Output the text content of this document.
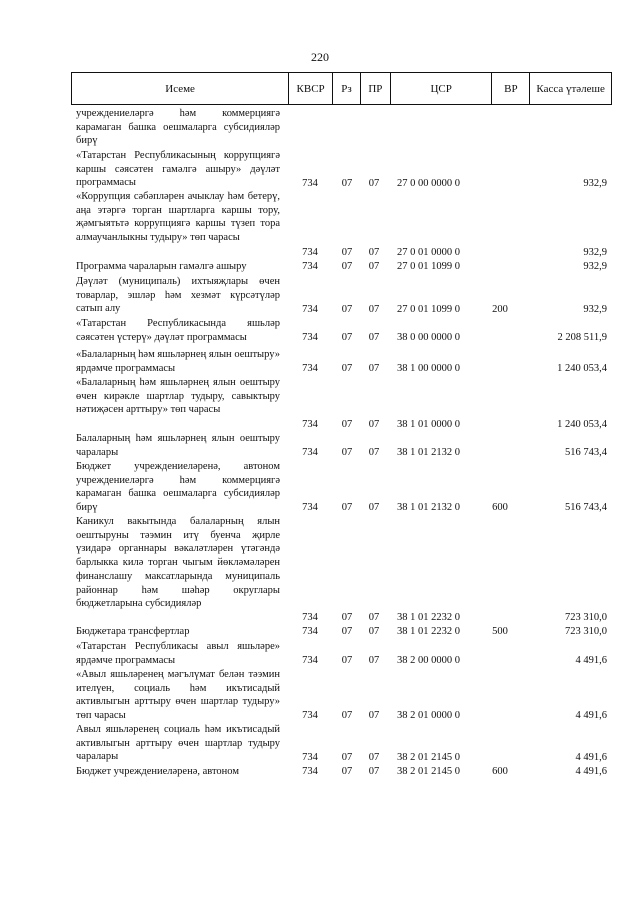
220
Исеме	КВСР	Рз	ПР	ЦСР	ВР	Касса үтәлеше
учреждениеләргә һәм коммерциягә карамаган башка оешмаларга субсидияләр бирү
«Татарстан Республикасының коррупциягә каршы сәясәтен гамәлгә ашыру» дәүләт программасы	734	07	07	27 0 00 0000 0	932,9
«Коррупция сәбәпләрен ачыклау һәм бетерү, аңа этәргә торган шартларга каршы тору, җәмгыятьтә коррупциягә каршы түзеп тора алмаучанлыкны тудыру» төп чарасы
734	07	07	27 0 01 0000 0	932,9
Программа чараларын гамәлгә ашыру	734	07	07	27 0 01 1099 0	932,9
Дәүләт (муниципаль) ихтыяҗлары өчен товарлар, эшләр һәм хезмәт күрсәтүләр сатып алу	734	07	07	27 0 01 1099 0	200	932,9
«Татарстан Республикасында яшьләр сәясәтен үстерү» дәүләт программасы	734	07	07	38 0 00 0000 0	2 208 511,9
«Балаларның һәм яшьләрнең ялын оештыру» ярдәмче программасы	734	07	07	38 1 00 0000 0	1 240 053,4
«Балаларның һәм яшьләрнең ялын оештыру өчен кирәкле шартлар тудыру, савыктыру нәтиҗәсен арттыру» төп чарасы
734	07	07	38 1 01 0000 0	1 240 053,4
Балаларның һәм яшьләрнең ялын оештыру чаралары	734	07	07	38 1 01 2132 0	516 743,4
Бюджет учреждениеләренә, автоном учреждениеләргә һәм коммерциягә карамаган башка оешмаларга субсидияләр бирү	734	07	07	38 1 01 2132 0	600	516 743,4
Каникул вакытында балаларның ялын оештыруны тәэмин итү буенча җирле үзидарә органнары вәкаләтләрен үтәгәндә барлыкка килә торган чыгым йөкләмәләрен финанслашу максатларында муниципаль районнар һәм шәһәр округлары бюджетларына субсидияләр
734	07	07	38 1 01 2232 0	723 310,0
Бюджетара трансфертлар	734	07	07	38 1 01 2232 0	500	723 310,0
«Татарстан Республикасы авыл яшьләре» ярдәмче программасы	734	07	07	38 2 00 0000 0	4 491,6
«Авыл яшьләренең мәгълүмат белән тәэмин ителүен, социаль һәм икътисадый активлыгын арттыру өчен шартлар тудыру» төп чарасы	734	07	07	38 2 01 0000 0	4 491,6
Авыл яшьләренең социаль һәм икътисадый активлыгын арттыру өчен шартлар тудыру чаралары	734	07	07	38 2 01 2145 0	4 491,6
Бюджет учреждениеләренә, автоном	734	07	07	38 2 01 2145 0	600	4 491,6
